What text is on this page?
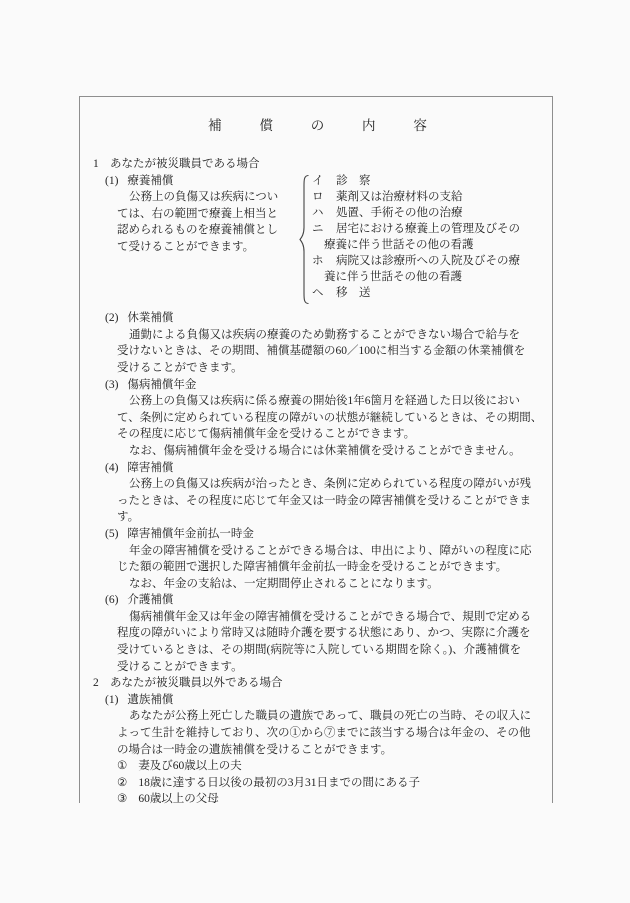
補償の内容
1 あなたが被災職員である場合
(1) 療養補償
公務上の負傷又は疾病につい
ては、右の範囲で療養上相当と
認められるものを療養補償とし
て受けることができます。
イ 診　察
ロ 薬剤又は治療材料の支給
ハ 処置、手術その他の治療
ニ 居宅における療養上の管理及びその
療養に伴う世話その他の看護
ホ 病院又は診療所への入院及びその療
養に伴う世話その他の看護
ヘ 移　送
(2) 休業補償
通勤による負傷又は疾病の療養のため勤務することができない場合で給与を
受けないときは、その期間、補償基礎額の60／100に相当する金額の休業補償を
受けることができます。
(3) 傷病補償年金
公務上の負傷又は疾病に係る療養の開始後1年6箇月を経過した日以後におい
て、条例に定められている程度の障がいの状態が継続しているときは、その期間、
その程度に応じて傷病補償年金を受けることができます。
なお、傷病補償年金を受ける場合には休業補償を受けることができません。
(4) 障害補償
公務上の負傷又は疾病が治ったとき、条例に定められている程度の障がいが残
ったときは、その程度に応じて年金又は一時金の障害補償を受けることができま
す。
(5) 障害補償年金前払一時金
年金の障害補償を受けることができる場合は、申出により、障がいの程度に応
じた額の範囲で選択した障害補償年金前払一時金を受けることができます。
なお、年金の支給は、一定期間停止されることになります。
(6) 介護補償
傷病補償年金又は年金の障害補償を受けることができる場合で、規則で定める
程度の障がいにより常時又は随時介護を要する状態にあり、かつ、実際に介護を
受けているときは、その期間(病院等に入院している期間を除く。)、介護補償を
受けることができます。
2 あなたが被災職員以外である場合
(1) 遺族補償
あなたが公務上死亡した職員の遺族であって、職員の死亡の当時、その収入に
よって生計を維持しており、次の①から⑦までに該当する場合は年金の、その他
の場合は一時金の遺族補償を受けることができます。
① 妻及び60歳以上の夫
② 18歳に達する日以後の最初の3月31日までの間にある子
③ 60歳以上の父母
